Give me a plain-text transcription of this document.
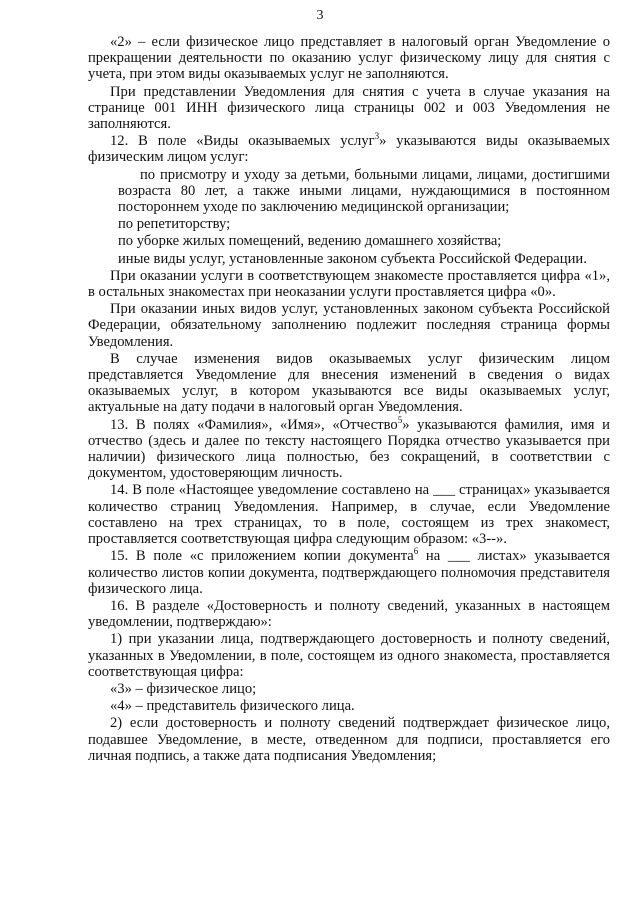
3

«2» – если физическое лицо представляет в налоговый орган Уведомление о прекращении деятельности по оказанию услуг физическому лицу для снятия с учета, при этом виды оказываемых услуг не заполняются.

При представлении Уведомления для снятия с учета в случае указания на странице 001 ИНН физического лица страницы 002 и 003 Уведомления не заполняются.

12. В поле «Виды оказываемых услуг$^3$» указываются виды оказываемых физическим лицом услуг:

по присмотру и уходу за детьми, больными лицами, лицами, достигшими возраста 80 лет, а также иными лицами, нуждающимися в постоянном постороннем уходе по заключению медицинской организации;

по репетиторству;

по уборке жилых помещений, ведению домашнего хозяйства;

иные виды услуг, установленные законом субъекта Российской Федерации.

При оказании услуги в соответствующем знакоместе проставляется цифра «1», в остальных знакоместах при неоказании услуги проставляется цифра «0».

При оказании иных видов услуг, установленных законом субъекта Российской Федерации, обязательному заполнению подлежит последняя страница формы Уведомления.

В случае изменения видов оказываемых услуг физическим лицом представляется Уведомление для внесения изменений в сведения о видах оказываемых услуг, в котором указываются все виды оказываемых услуг, актуальные на дату подачи в налоговый орган Уведомления.

13. В полях «Фамилия», «Имя», «Отчество$^5$» указываются фамилия, имя и отчество (здесь и далее по тексту настоящего Порядка отчество указывается при наличии) физического лица полностью, без сокращений, в соответствии с документом, удостоверяющим личность.

14. В поле «Настоящее уведомление составлено на ___ страницах» указывается количество страниц Уведомления. Например, в случае, если Уведомление составлено на трех страницах, то в поле, состоящем из трех знакомест, проставляется соответствующая цифра следующим образом: «3--».

15. В поле «с приложением копии документа$^6$ на ___ листах» указывается количество листов копии документа, подтверждающего полномочия представителя физического лица.

16. В разделе «Достоверность и полноту сведений, указанных в настоящем уведомлении, подтверждаю»:

1) при указании лица, подтверждающего достоверность и полноту сведений, указанных в Уведомлении, в поле, состоящем из одного знакоместа, проставляется соответствующая цифра:

«3» – физическое лицо;

«4» – представитель физического лица.

2) если достоверность и полноту сведений подтверждает физическое лицо, подавшее Уведомление, в месте, отведенном для подписи, проставляется его личная подпись, а также дата подписания Уведомления;
